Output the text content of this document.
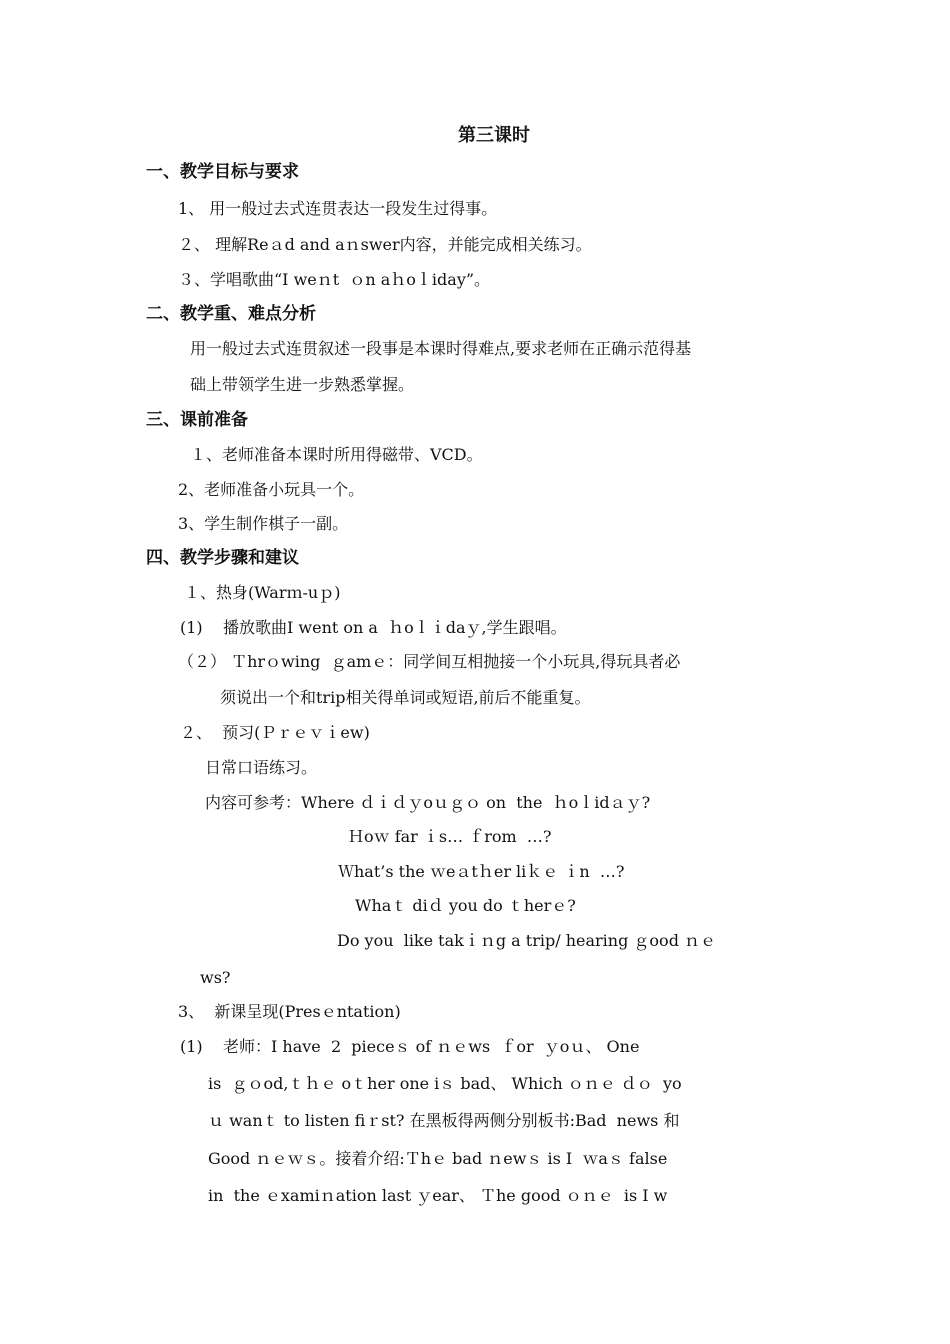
第三课时
一、教学目标与要求
1、 用一般过去式连贯表达一段发生过得事。
２、 理解Reａd and aｎswer内容，并能完成相关练习。
３、学唱歌曲“I weｎt  ｏn aｈoｌiday”。
二、教学重、难点分析
用一般过去式连贯叙述一段事是本课时得难点,要求老师在正确示范得基
础上带领学生进一步熟悉掌握。
三、课前准备
１、老师准备本课时所用得磁带、VCD。
2、老师准备小玩具一个。
3、学生制作棋子一副。
四、教学步骤和建议
１、热身(Warｍ-uｐ)
(1)    播放歌曲I went on a  ｈoｌｉdaｙ,学生跟唱。
（２） Ｔhrｏwing  ｇamｅ：同学间互相抛接一个小玩具,得玩具者必
须说出一个和trip相关得单词或短语,前后不能重复。
２、  预习(Ｐｒｅｖｉew)
日常口语练习。
内容可参考：Where ｄｉｄｙoｕｇｏ on  the  ｈoｌidａｙ?
Ｈoｗ far ｉs… ｆrom  …?
Ｗhat’s the ｗeａtｈer liｋｅ ｉn  …?
Whaｔ diｄ you do ｔherｅ?
Do you  like takｉｎg a trip/ hearing ｇood ｎｅ
ws?
3、  新课呈现(Presｅntation)
(1)    老师：I have  2  pieceｓ of ｎｅws  ｆor  ｙoｕ、 One
is  ｇｏod,ｔｈｅ oｔher one iｓ bad、 Which ｏｎｅ ｄｏ  yo
ｕ wanｔ to listen fiｒst? 在黑板得两侧分别板书:Bad  news 和
Good ｎｅｗｓ。接着介绍:Ｔhｅ bad ｎewｓ is I  ｗaｓ false
in  the ｅxamiｎation last ｙear、 Ｔhe good ｏｎｅ  is I w
